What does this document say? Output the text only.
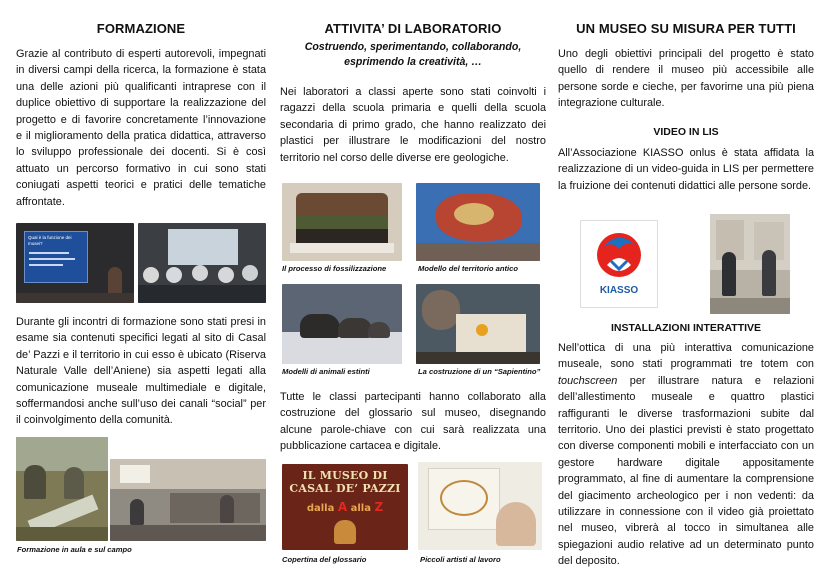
FORMAZIONE

Grazie al contributo di esperti autorevoli, impegnati in diversi campi della ricerca, la formazione è stata una delle azioni più qualificanti intraprese con il duplice obiettivo di supportare la realizzazione del progetto e di favorire concretamente l’innovazione e il miglioramento della pratica didattica, attraverso lo sviluppo professionale dei docenti. Si è così attuato un percorso formativo in cui sono stati coniugati aspetti teorici e pratici delle tematiche affrontate.

Qual è la funzione dei musei?

Durante gli incontri di formazione sono stati presi in esame sia contenuti specifici legati al sito di Casal de’ Pazzi e il territorio in cui esso è ubicato (Riserva Naturale Valle dell’Aniene) sia aspetti legati alla comunicazione museale multimediale e digitale, soffermandosi anche sull’uso dei canali “social” per il coinvolgimento della comunità.

Formazione in aula e sul campo
ATTIVITA’ DI LABORATORIO
Costruendo, sperimentando, collaborando,
esprimendo la creatività, …

Nei laboratori a classi aperte sono stati coinvolti i ragazzi della scuola primaria e quelli della scuola secondaria di primo grado, che hanno realizzato dei plastici per illustrare le modificazioni del nostro territorio nel corso delle diverse ere geologiche.

Il processo di fossilizzazione	Modello del territorio antico
Modelli di animali estinti	La costruzione di un “Sapientino”

Tutte le classi partecipanti hanno collaborato alla costruzione del glossario sul museo, disegnando alcune parole-chiave con cui sarà realizzata una pubblicazione cartacea e digitale.

IL MUSEO DI
CASAL DE’ PAZZI
dalla A alla Z
Copertina del glossario	Piccoli artisti al lavoro
UN MUSEO SU MISURA PER TUTTI

Uno degli obiettivi principali del progetto è stato quello di rendere il museo più accessibile alle persone sorde e cieche, per favorirne una più piena integrazione culturale.

VIDEO IN LIS

All’Associazione KIASSO onlus è stata affidata la realizzazione di un video-guida in LIS per permettere la fruizione dei contenuti didattici alle persone sorde.

KIASSO
INSTALLAZIONI INTERATTIVE

Nell’ottica di una più interattiva comunicazione museale, sono stati programmati tre totem con touchscreen per illustrare natura e relazioni dell’allestimento museale e quattro plastici raffiguranti le diverse trasformazioni subite dal territorio. Uno dei plastici previsti è stato progettato con diverse componenti mobili e interfacciato con un gestore hardware digitale appositamente programmato, al fine di aumentare la comprensione del giacimento archeologico per i non vedenti: da utilizzare in connessione con il video già proiettato nel museo, vibrerà al tocco in simultanea alle spiegazioni audio relative ad un determinato punto del deposito.
